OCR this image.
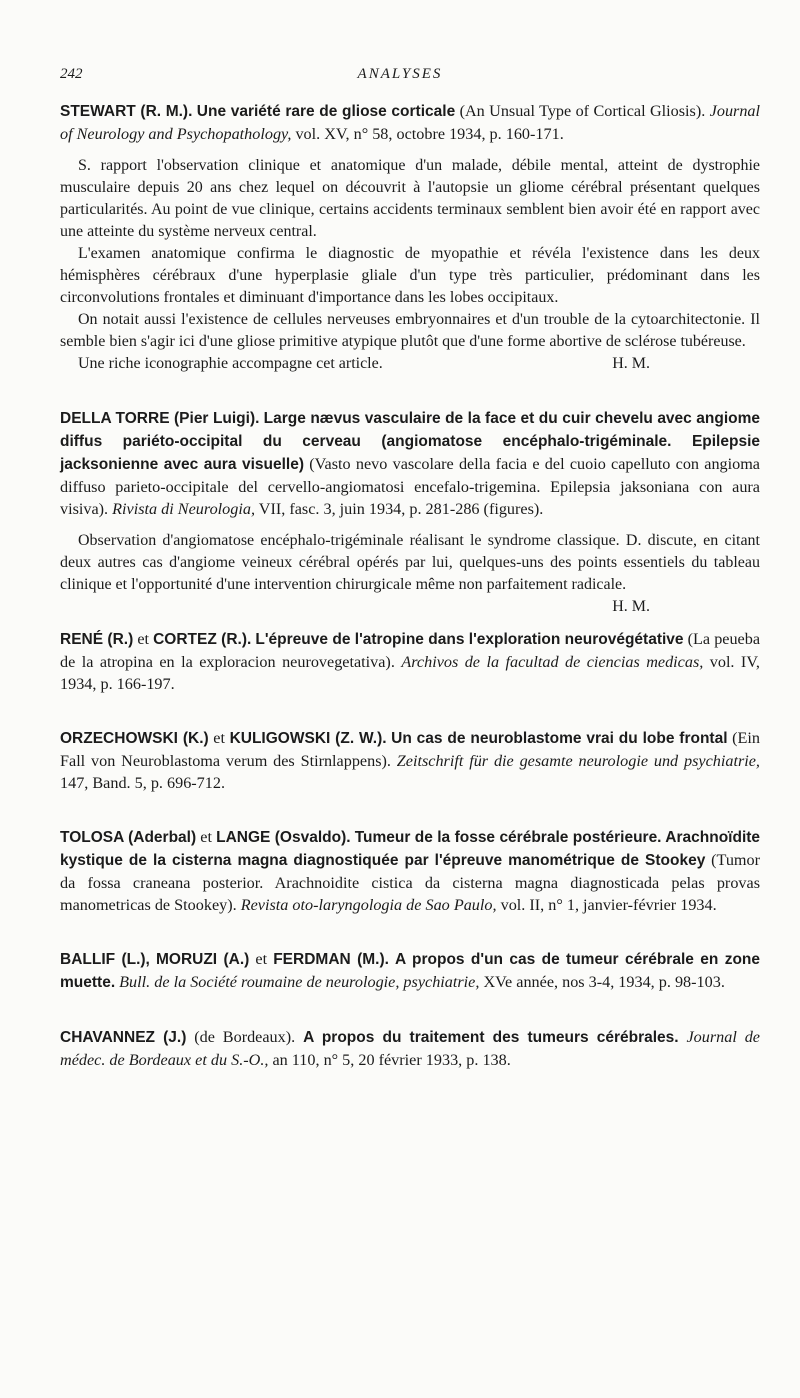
242	ANALYSES

STEWART (R. M.). Une variété rare de gliose corticale (An Unsual Type of Cortical Gliosis). Journal of Neurology and Psychopathology, vol. XV, n° 58, octobre 1934, p. 160-171.

S. rapport l'observation clinique et anatomique d'un malade, débile mental, atteint de dystrophie musculaire depuis 20 ans chez lequel on découvrit à l'autopsie un gliome cérébral présentant quelques particularités. Au point de vue clinique, certains accidents terminaux semblent bien avoir été en rapport avec une atteinte du système nerveux central.

L'examen anatomique confirma le diagnostic de myopathie et révéla l'existence dans les deux hémisphères cérébraux d'une hyperplasie gliale d'un type très particulier, prédominant dans les circonvolutions frontales et diminuant d'importance dans les lobes occipitaux.

On notait aussi l'existence de cellules nerveuses embryonnaires et d'un trouble de la cytoarchitectonie. Il semble bien s'agir ici d'une gliose primitive atypique plutôt que d'une forme abortive de sclérose tubéreuse.

Une riche iconographie accompagne cet article.	H. M.

DELLA TORRE (Pier Luigi). Large nævus vasculaire de la face et du cuir chevelu avec angiome diffus pariéto-occipital du cerveau (angiomatose encéphalo-trigéminale. Epilepsie jacksonienne avec aura visuelle) (Vasto nevo vascolare della facia e del cuoio capelluto con angioma diffuso parieto-occipitale del cervello-angiomatosi encefalo-trigemina. Epilepsia jaksoniana con aura visiva). Rivista di Neurologia, VII, fasc. 3, juin 1934, p. 281-286 (figures).

Observation d'angiomatose encéphalo-trigéminale réalisant le syndrome classique. D. discute, en citant deux autres cas d'angiome veineux cérébral opérés par lui, quelques-uns des points essentiels du tableau clinique et l'opportunité d'une intervention chirurgicale même non parfaitement radicale.
H. M.

RENÉ (R.) et CORTEZ (R.). L'épreuve de l'atropine dans l'exploration neurovégétative (La peueba de la atropina en la exploracion neurovegetativa). Archivos de la facultad de ciencias medicas, vol. IV, 1934, p. 166-197.

ORZECHOWSKI (K.) et KULIGOWSKI (Z. W.). Un cas de neuroblastome vrai du lobe frontal (Ein Fall von Neuroblastoma verum des Stirnlappens). Zeitschrift für die gesamte neurologie und psychiatrie, 147, Band. 5, p. 696-712.

TOLOSA (Aderbal) et LANGE (Osvaldo). Tumeur de la fosse cérébrale postérieure. Arachnoïdite kystique de la cisterna magna diagnostiquée par l'épreuve manométrique de Stookey (Tumor da fossa craneana posterior. Arachnoidite cistica da cisterna magna diagnosticada pelas provas manometricas de Stookey). Revista oto-laryngologia de Sao Paulo, vol. II, n° 1, janvier-février 1934.

BALLIF (L.), MORUZI (A.) et FERDMAN (M.). A propos d'un cas de tumeur cérébrale en zone muette. Bull. de la Société roumaine de neurologie, psychiatrie, XVe année, nos 3-4, 1934, p. 98-103.

CHAVANNEZ (J.) (de Bordeaux). A propos du traitement des tumeurs cérébrales. Journal de médec. de Bordeaux et du S.-O., an 110, n° 5, 20 février 1933, p. 138.
